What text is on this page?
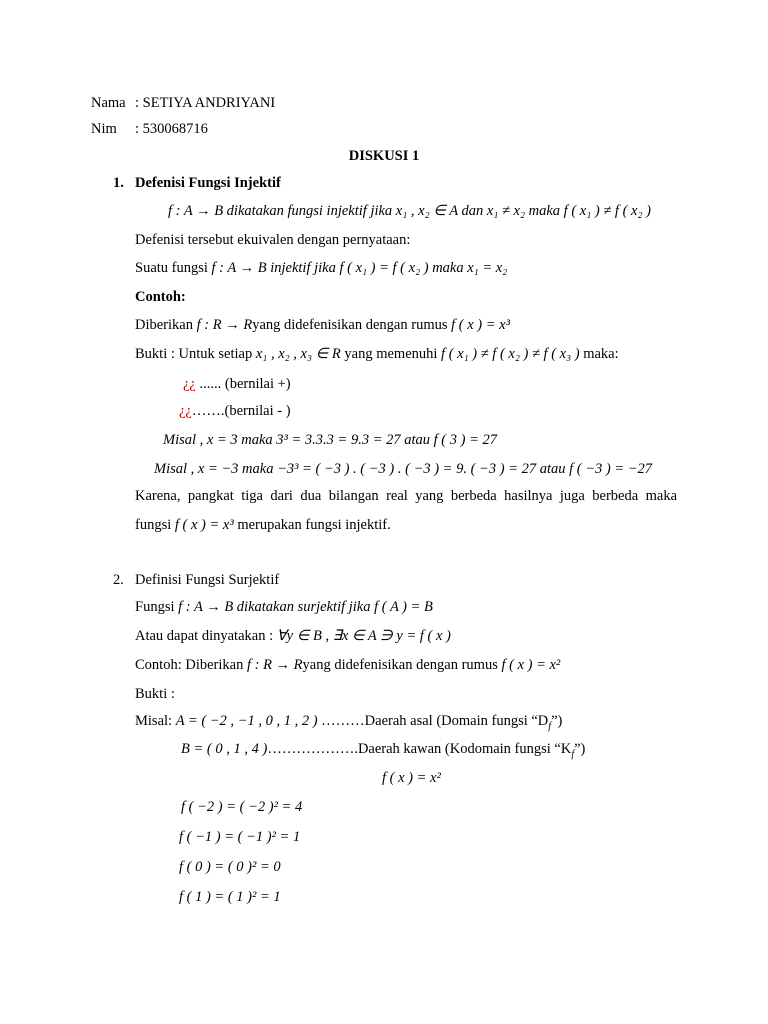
Nama : SETIYA ANDRIYANI
Nim : 530068716
DISKUSI 1
1. Defenisi Fungsi Injektif
f : A → B dikatakan fungsi injektif jika x₁ , x₂ ∈ A dan x₁ ≠ x₂ maka f ( x₁ ) ≠ f ( x₂ )
Defenisi tersebut ekuivalen dengan pernyataan:
Suatu fungsi f : A → B injektif jika f ( x₁ ) = f ( x₂ ) maka x₁ = x₂
Contoh:
Diberikan f : R → Ryang didefenisikan dengan rumus f ( x ) = x³
Bukti : Untuk setiap x₁ , x₂ , x₃ ∈ R yang memenuhi f ( x₁ ) ≠ f ( x₂ ) ≠ f ( x₃ ) maka:
¿¿ ...... (bernilai +)
¿¿…….(bernilai - )
Misal , x = 3 maka 3³ = 3.3.3 = 9.3 = 27 atau f ( 3 ) = 27
Misal , x = −3 maka −3³ = ( −3 ) . ( −3 ) . ( −3 ) = 9. ( −3 ) = 27 atau f ( −3 ) = −27
Karena, pangkat tiga dari dua bilangan real yang berbeda hasilnya juga berbeda maka
fungsi f ( x ) = x³ merupakan fungsi injektif.
2. Definisi Fungsi Surjektif
Fungsi f : A → B dikatakan surjektif jika f ( A ) = B
Atau dapat dinyatakan : ∀y ∈ B , ∃x ∈ A ∋ y = f ( x )
Contoh: Diberikan f : R → Ryang didefenisikan dengan rumus f ( x ) = x²
Bukti :
Misal: A = ( −2 , −1 , 0 , 1 , 2 ) ………Daerah asal (Domain fungsi “$D_f$”)
B = ( 0 , 1 , 4 )……………….Daerah kawan (Kodomain fungsi “$K_f$”)
f ( x ) = x²
f ( −2 ) = ( −2 )² = 4
f ( −1 ) = ( −1 )² = 1
f ( 0 ) = ( 0 )² = 0
f ( 1 ) = ( 1 )² = 1
